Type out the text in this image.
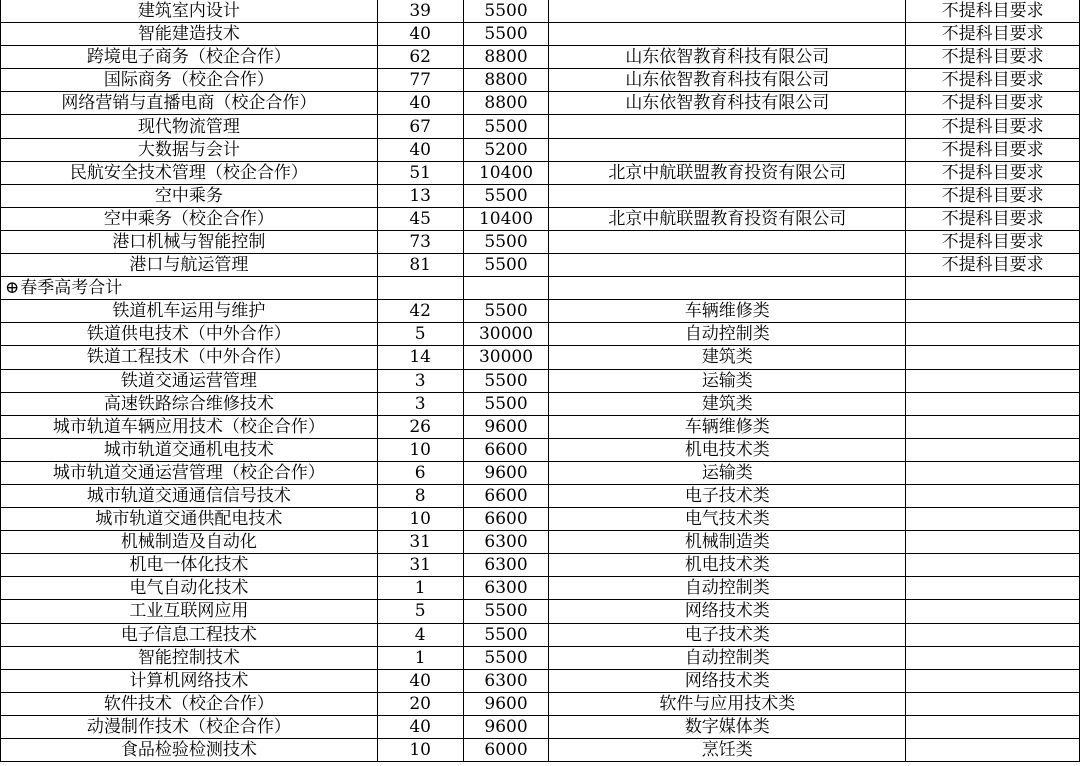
建筑室内设计	39	5500		不提科目要求
智能建造技术	40	5500		不提科目要求
跨境电子商务（校企合作）	62	8800	山东依智教育科技有限公司	不提科目要求
国际商务（校企合作）	77	8800	山东依智教育科技有限公司	不提科目要求
网络营销与直播电商（校企合作）	40	8800	山东依智教育科技有限公司	不提科目要求
现代物流管理	67	5500		不提科目要求
大数据与会计	40	5200		不提科目要求
民航安全技术管理（校企合作）	51	10400	北京中航联盟教育投资有限公司	不提科目要求
空中乘务	13	5500		不提科目要求
空中乘务（校企合作）	45	10400	北京中航联盟教育投资有限公司	不提科目要求
港口机械与智能控制	73	5500		不提科目要求
港口与航运管理	81	5500		不提科目要求
⊕春季高考合计				
铁道机车运用与维护	42	5500	车辆维修类	
铁道供电技术（中外合作）	5	30000	自动控制类	
铁道工程技术（中外合作）	14	30000	建筑类	
铁道交通运营管理	3	5500	运输类	
高速铁路综合维修技术	3	5500	建筑类	
城市轨道车辆应用技术（校企合作）	26	9600	车辆维修类	
城市轨道交通机电技术	10	6600	机电技术类	
城市轨道交通运营管理（校企合作）	6	9600	运输类	
城市轨道交通通信信号技术	8	6600	电子技术类	
城市轨道交通供配电技术	10	6600	电气技术类	
机械制造及自动化	31	6300	机械制造类	
机电一体化技术	31	6300	机电技术类	
电气自动化技术	1	6300	自动控制类	
工业互联网应用	5	5500	网络技术类	
电子信息工程技术	4	5500	电子技术类	
智能控制技术	1	5500	自动控制类	
计算机网络技术	40	6300	网络技术类	
软件技术（校企合作）	20	9600	软件与应用技术类	
动漫制作技术（校企合作）	40	9600	数字媒体类	
食品检验检测技术	10	6000	烹饪类	
